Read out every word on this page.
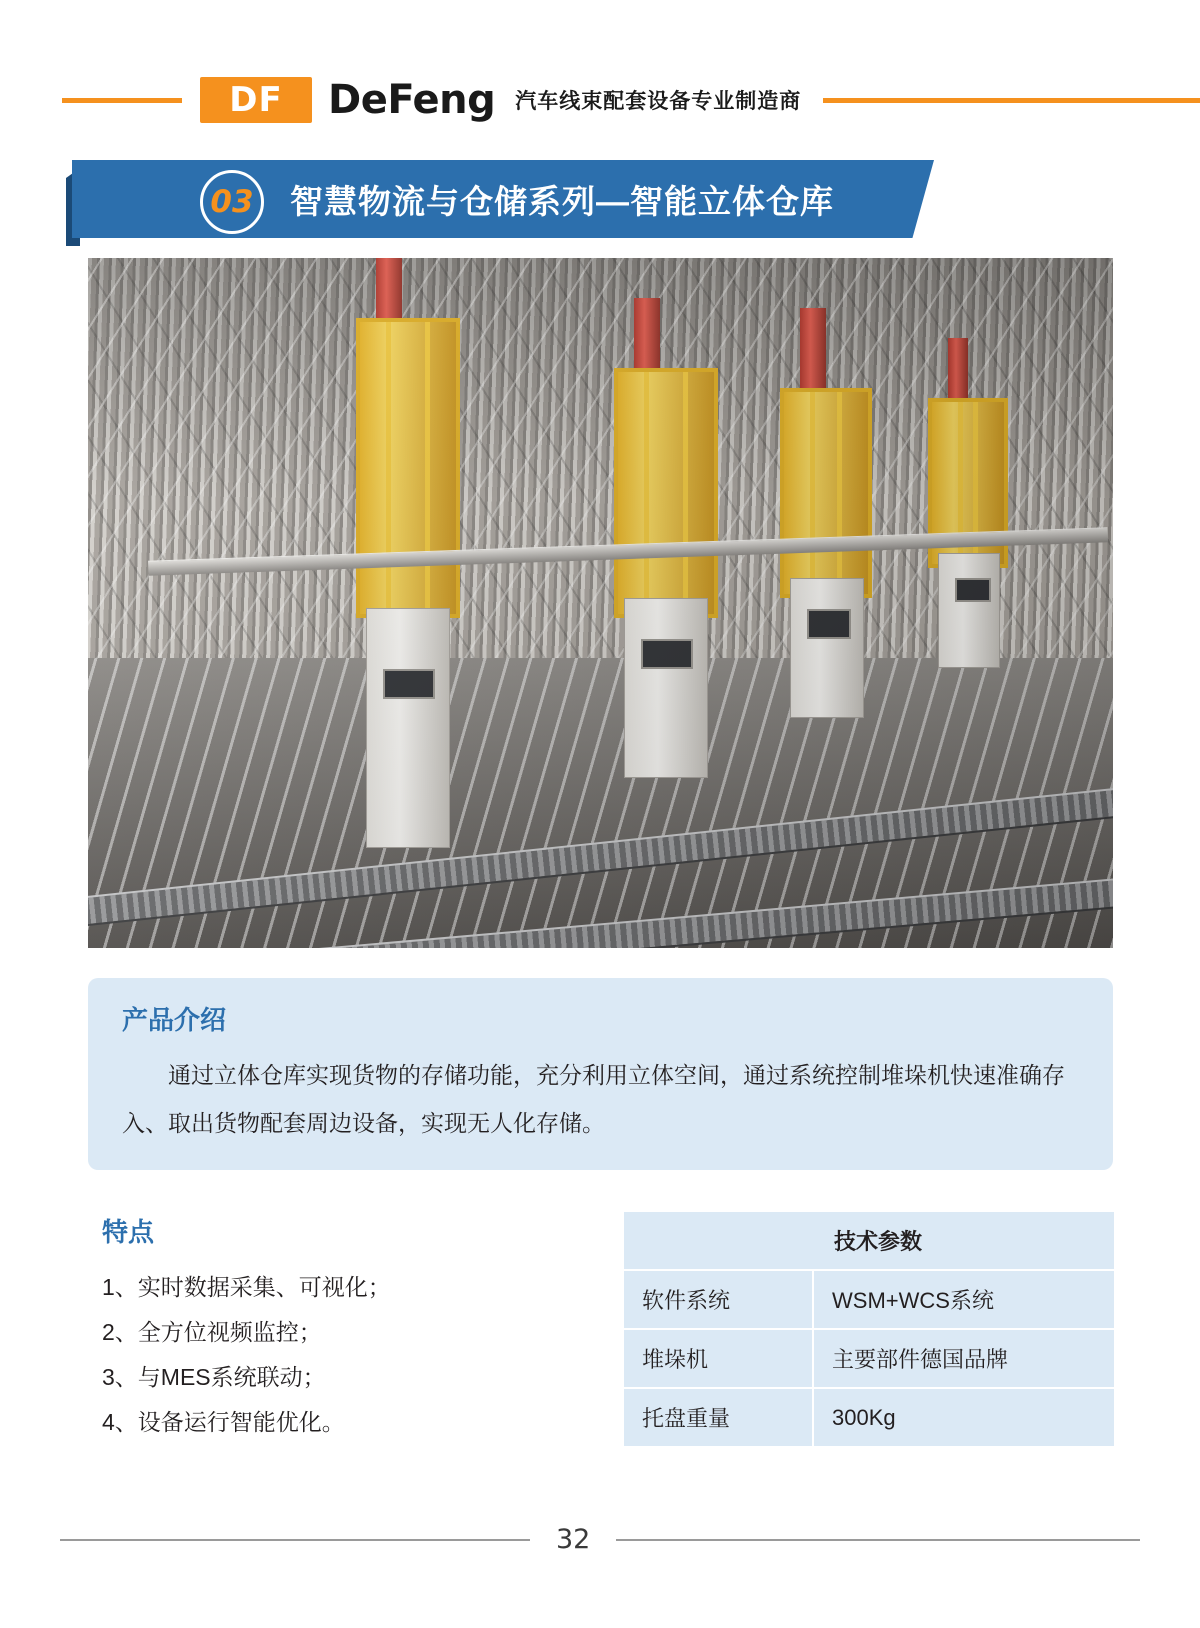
DF DeFeng 汽车线束配套设备专业制造商
03 智慧物流与仓储系列—智能立体仓库
产品介绍

通过立体仓库实现货物的存储功能，充分利用立体空间，通过系统控制堆垛机快速准确存入、取出货物配套周边设备，实现无人化存储。

特点
1、实时数据采集、可视化；
2、全方位视频监控；
3、与MES系统联动；
4、设备运行智能优化。
技术参数	
软件系统	WSM+WCS系统
堆垛机	主要部件德国品牌
托盘重量	300Kg
32
